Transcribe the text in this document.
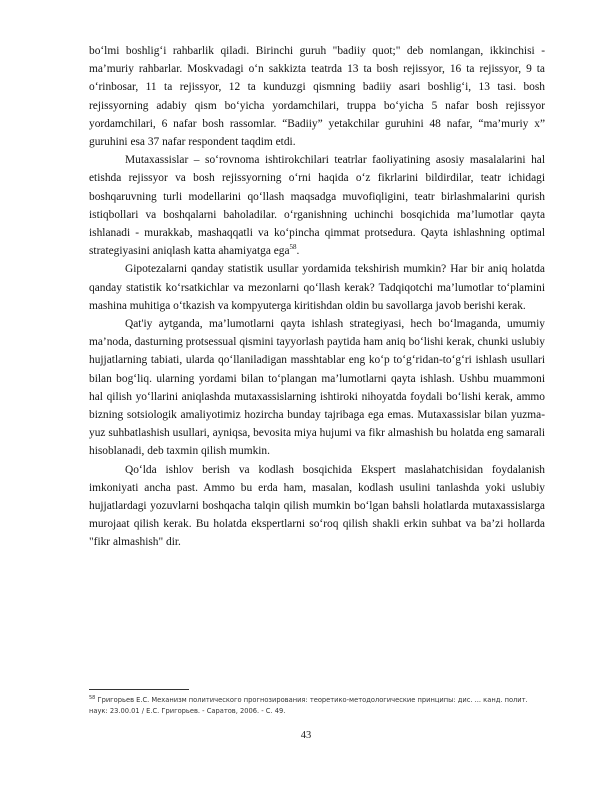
bo‘lmi boshlig‘i rahbarlik qiladi. Birinchi guruh "badiiy quot;" deb nomlangan, ikkinchisi - ma’muriy rahbarlar. Moskvadagi o‘n sakkizta teatrda 13 ta bosh rejissyor, 16 ta rejissyor, 9 ta o‘rinbosar, 11 ta rejissyor, 12 ta kunduzgi qismning badiiy asari boshlig‘i, 13 tasi. bosh rejissyorning adabiy qism bo‘yicha yordamchilari, truppa bo‘yicha 5 nafar bosh rejissyor yordamchilari, 6 nafar bosh rassomlar. “Badiiy” yetakchilar guruhini 48 nafar, “ma’muriy x” guruhini esa 37 nafar respondent taqdim etdi.

Mutaxassislar – so‘rovnoma ishtirokchilari teatrlar faoliyatining asosiy masalalarini hal etishda rejissyor va bosh rejissyorning o‘rni haqida o‘z fikrlarini bildirdilar, teatr ichidagi boshqaruvning turli modellarini qo‘llash maqsadga muvofiqligini, teatr birlashmalarini qurish istiqbollari va boshqalarni baholadilar. o‘rganishning uchinchi bosqichida ma’lumotlar qayta ishlanadi - murakkab, mashaqqatli va ko‘pincha qimmat protsedura. Qayta ishlashning optimal strategiyasini aniqlash katta ahamiyatga ega$^{58}$.

Gipotezalarni qanday statistik usullar yordamida tekshirish mumkin? Har bir aniq holatda qanday statistik ko‘rsatkichlar va mezonlarni qo‘llash kerak? Tadqiqotchi ma’lumotlar to‘plamini mashina muhitiga o‘tkazish va kompyuterga kiritishdan oldin bu savollarga javob berishi kerak.

Qat'iy aytganda, ma’lumotlarni qayta ishlash strategiyasi, hech bo‘lmaganda, umumiy ma’noda, dasturning protsessual qismini tayyorlash paytida ham aniq bo‘lishi kerak, chunki uslubiy hujjatlarning tabiati, ularda qo‘llaniladigan masshtablar eng ko‘p to‘g‘ridan-to‘g‘ri ishlash usullari bilan bog‘liq. ularning yordami bilan to‘plangan ma’lumotlarni qayta ishlash. Ushbu muammoni hal qilish yo‘llarini aniqlashda mutaxassislarning ishtiroki nihoyatda foydali bo‘lishi kerak, ammo bizning sotsiologik amaliyotimiz hozircha bunday tajribaga ega emas. Mutaxassislar bilan yuzma-yuz suhbatlashish usullari, ayniqsa, bevosita miya hujumi va fikr almashish bu holatda eng samarali hisoblanadi, deb taxmin qilish mumkin.

Qo‘lda ishlov berish va kodlash bosqichida Ekspert maslahatchisidan foydalanish imkoniyati ancha past. Ammo bu erda ham, masalan, kodlash usulini tanlashda yoki uslubiy hujjatlardagi yozuvlarni boshqacha talqin qilish mumkin bo‘lgan bahsli holatlarda mutaxassislarga murojaat qilish kerak. Bu holatda ekspertlarni so‘roq qilish shakli erkin suhbat va ba’zi hollarda "fikr almashish" dir.

$^{58}$ Григорьев Е.С. Механизм политического прогнозирования: теоретико-методологические принципы: дис. ... канд. полит. наук: 23.00.01 / Е.С. Григорьев. - Саратов, 2006. - С. 49.
43
